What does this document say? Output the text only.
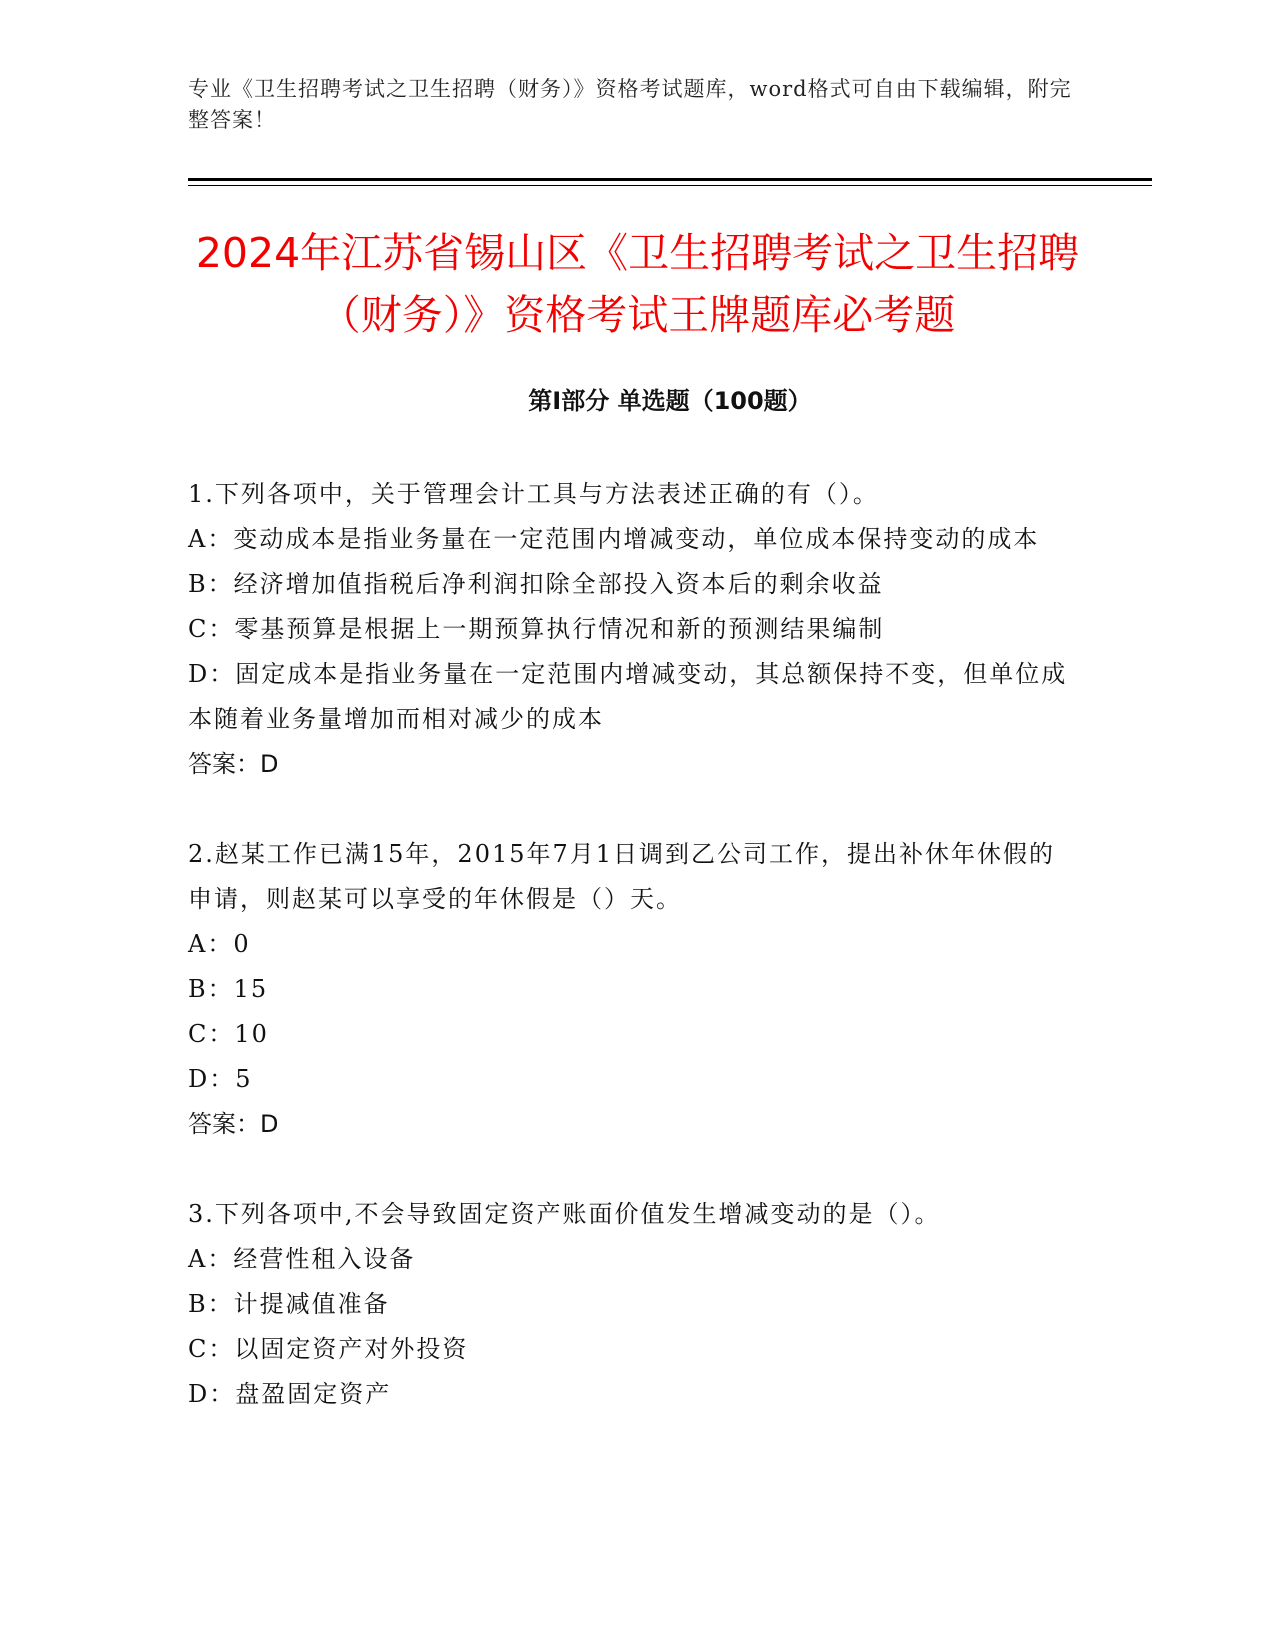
专业《卫生招聘考试之卫生招聘（财务）》资格考试题库，word格式可自由下载编辑，附完整答案！
2024年江苏省锡山区《卫生招聘考试之卫生招聘（财务）》资格考试王牌题库必考题
第Ⅰ部分 单选题（100题）

1.下列各项中，关于管理会计工具与方法表述正确的有（）。

A：变动成本是指业务量在一定范围内增减变动，单位成本保持变动的成本

B：经济增加值指税后净利润扣除全部投入资本后的剩余收益

C：零基预算是根据上一期预算执行情况和新的预测结果编制

D：固定成本是指业务量在一定范围内增减变动，其总额保持不变，但单位成本随着业务量增加而相对减少的成本

答案：D

2.赵某工作已满15年，2015年7月1日调到乙公司工作，提出补休年休假的申请，则赵某可以享受的年休假是（）天。

A：0

B：15

C：10

D：5

答案：D

3.下列各项中,不会导致固定资产账面价值发生增减变动的是（）。

A：经营性租入设备

B：计提减值准备

C：以固定资产对外投资

D：盘盈固定资产
